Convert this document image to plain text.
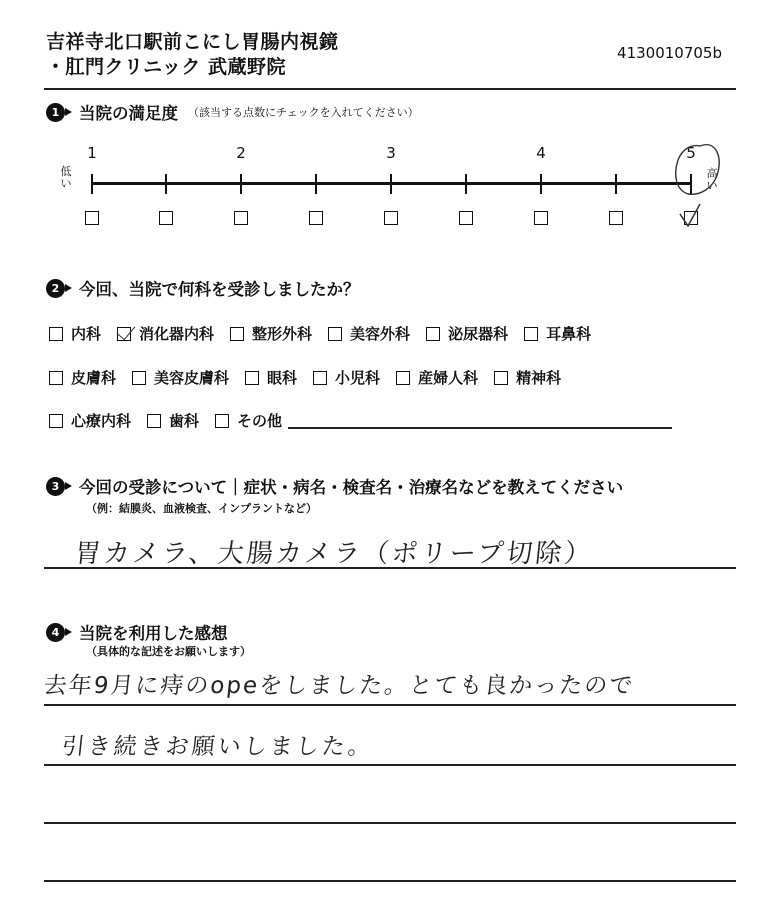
吉祥寺北口駅前こにし胃腸内視鏡
・肛門クリニック 武蔵野院
4130010705b
1	当院の満足度 （該当する点数にチェックを入れてください）
低い
高い
1	2	3	4	5
2	今回、当院で何科を受診しましたか？
内科	消化器内科	整形外科	美容外科	泌尿器科	耳鼻科
皮膚科	美容皮膚科	眼科	小児科	産婦人科	精神科
心療内科	歯科	その他
3	今回の受診について｜症状・病名・検査名・治療名などを教えてください
（例：結膜炎、血液検査、インプラントなど）
胃カメラ、大腸カメラ（ポリープ切除）
4	当院を利用した感想
（具体的な記述をお願いします）
去年9月に痔のopeをしました。とても良かったので
引き続きお願いしました。
